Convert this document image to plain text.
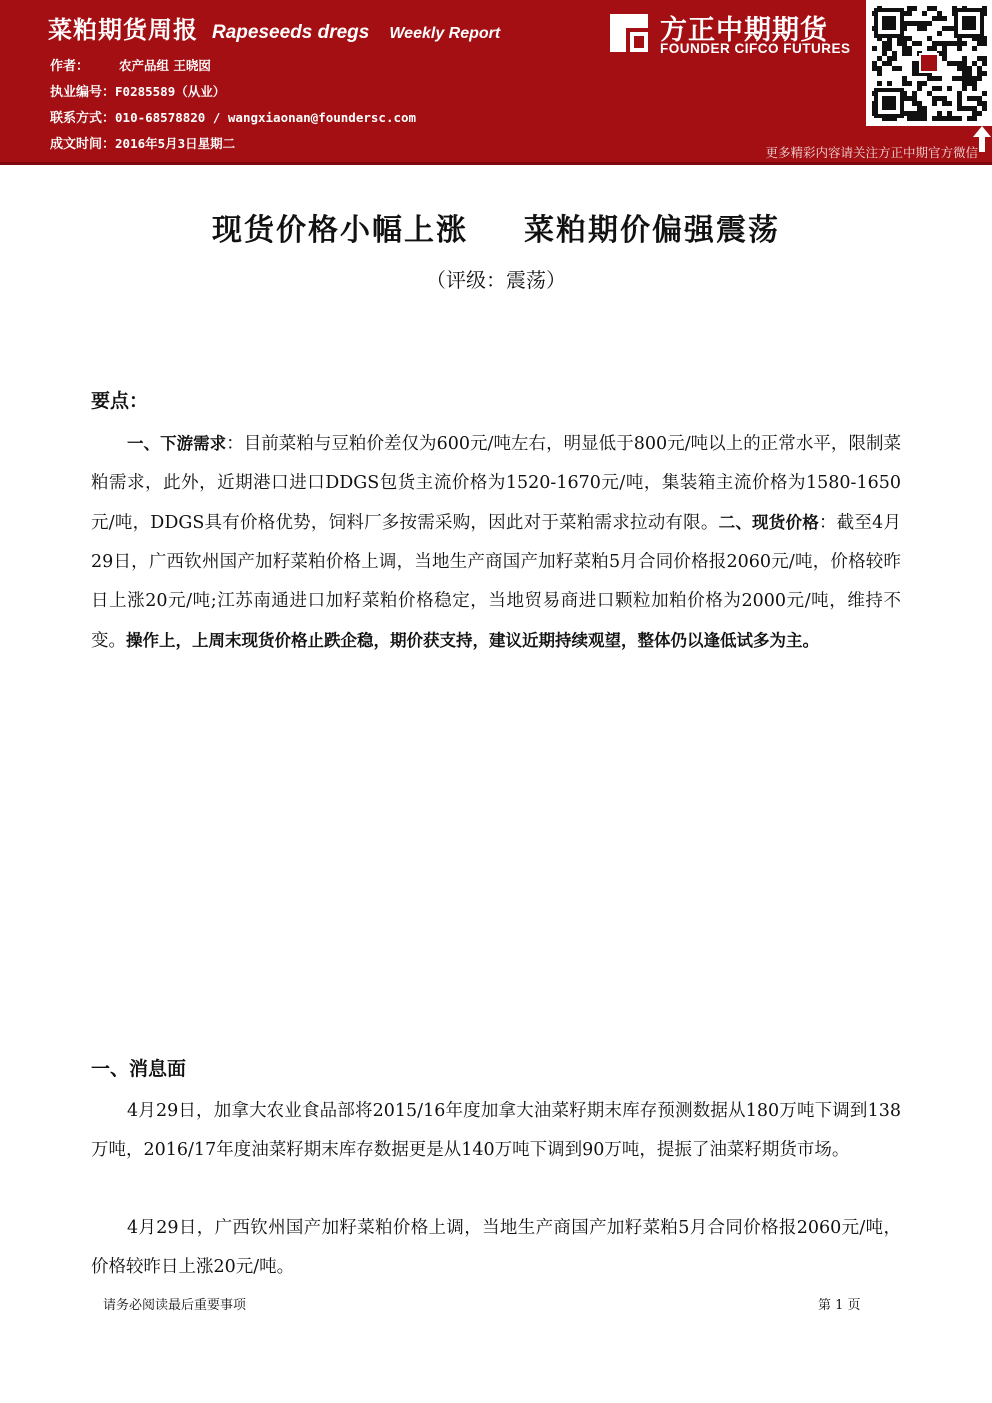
菜粕期货周报 Rapeseeds dregs Weekly Report
作者： 农产品组 王晓囡
执业编号：F0285589（从业）
联系方式：010-68578820 / wangxiaonan@foundersc.com
成文时间：2016年5月3日星期二
方正中期期货
FOUNDER CIFCO FUTURES
更多精彩内容请关注方正中期官方微信
现货价格小幅上涨 菜粕期价偏强震荡
（评级：震荡）
要点：

一、下游需求：目前菜粕与豆粕价差仅为600元/吨左右，明显低于800元/吨以上的正常水平，限制菜粕需求，此外，近期港口进口DDGS包货主流价格为1520-1670元/吨，集装箱主流价格为1580-1650元/吨，DDGS具有价格优势，饲料厂多按需采购，因此对于菜粕需求拉动有限。二、现货价格：截至4月29日，广西钦州国产加籽菜粕价格上调，当地生产商国产加籽菜粕5月合同价格报2060元/吨，价格较昨日上涨20元/吨;江苏南通进口加籽菜粕价格稳定，当地贸易商进口颗粒加粕价格为2000元/吨，维持不变。操作上，上周末现货价格止跌企稳，期价获支持，建议近期持续观望，整体仍以逢低试多为主。

一、消息面

4月29日，加拿大农业食品部将2015/16年度加拿大油菜籽期末库存预测数据从180万吨下调到138万吨，2016/17年度油菜籽期末库存数据更是从140万吨下调到90万吨，提振了油菜籽期货市场。

4月29日，广西钦州国产加籽菜粕价格上调，当地生产商国产加籽菜粕5月合同价格报2060元/吨，价格较昨日上涨20元/吨。

请务必阅读最后重要事项	第 1 页
